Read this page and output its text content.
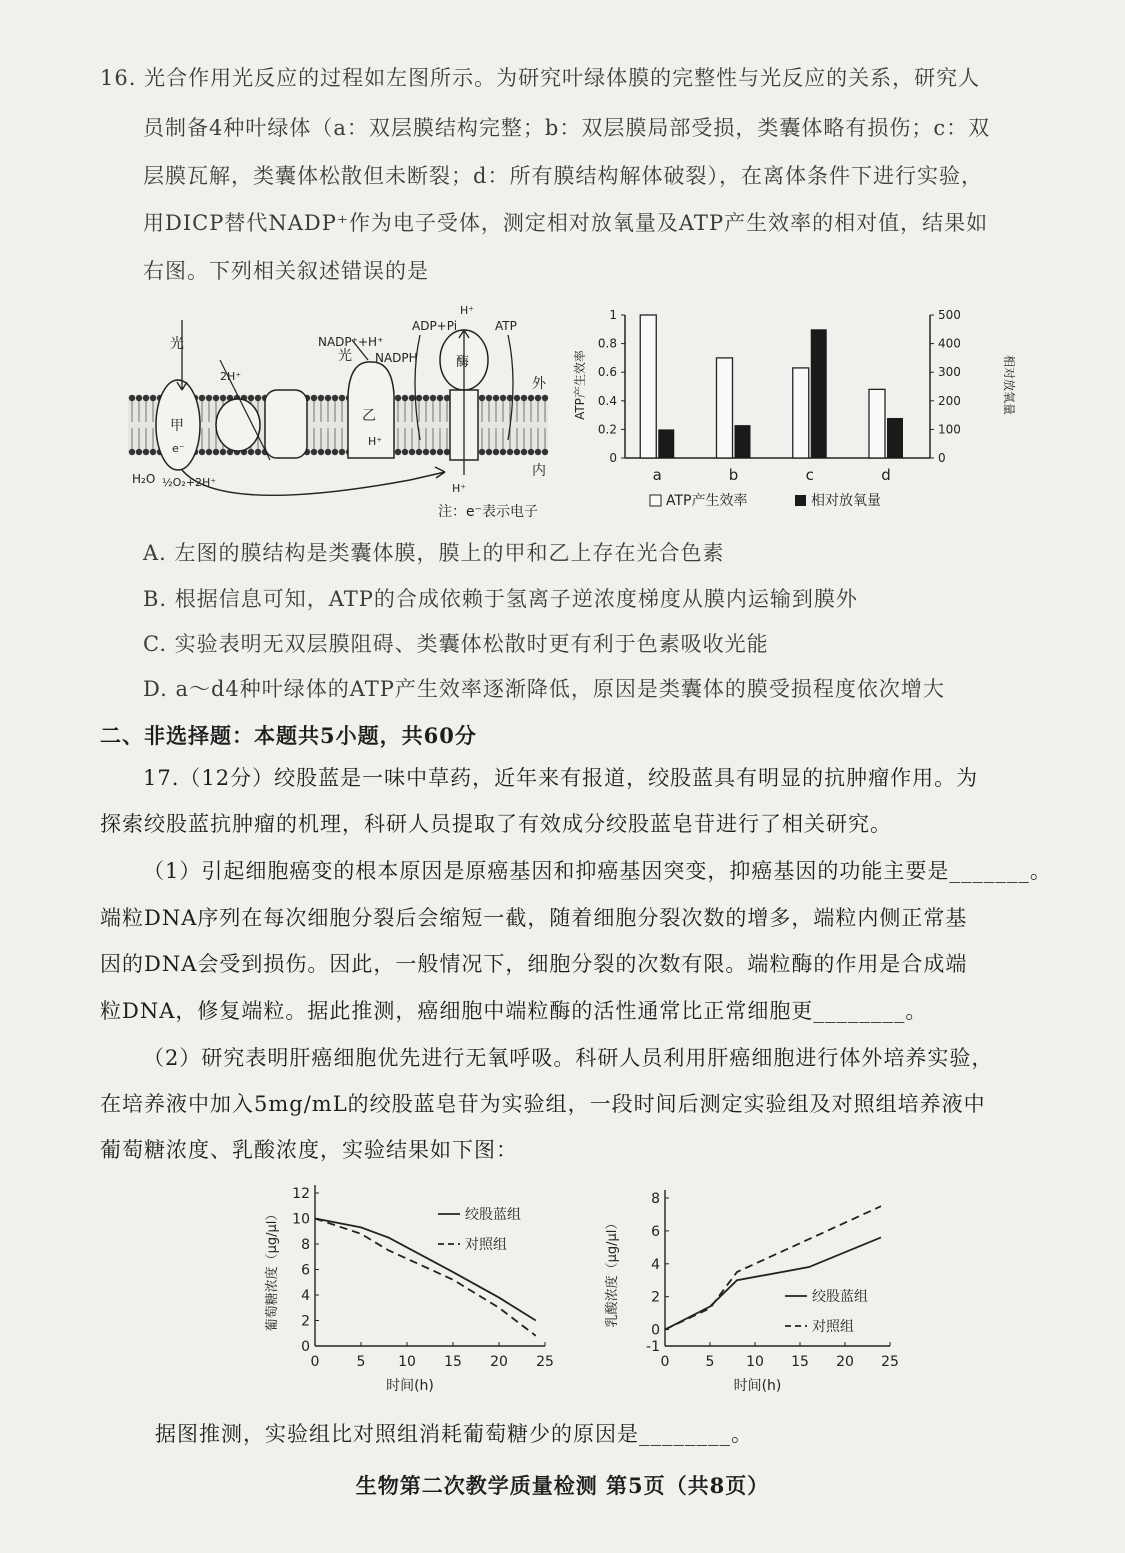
16. 光合作用光反应的过程如左图所示。为研究叶绿体膜的完整性与光反应的关系，研究人
员制备4种叶绿体（a：双层膜结构完整；b：双层膜局部受损，类囊体略有损伤；c：双
层膜瓦解，类囊体松散但未断裂；d：所有膜结构解体破裂），在离体条件下进行实验，
用DICP替代NADP⁺作为电子受体，测定相对放氧量及ATP产生效率的相对值，结果如
右图。下列相关叙述错误的是
光
光
甲
乙
e⁻
H₂O ½O₂+2H⁺
2H⁺
NADP⁺+H⁺
NADPH
ADP+Pi	ATP
H⁺
H⁺
H⁺
酶
外
内
注：e⁻表示电子
0
0.2
0.4
0.6
0.8
1
0
100
200
300
400
500
ATP产生效率	相对放氧量
a	b	c	d
ATP产生效率	相对放氧量
A. 左图的膜结构是类囊体膜，膜上的甲和乙上存在光合色素
B. 根据信息可知，ATP的合成依赖于氢离子逆浓度梯度从膜内运输到膜外
C. 实验表明无双层膜阻碍、类囊体松散时更有利于色素吸收光能
D. a～d4种叶绿体的ATP产生效率逐渐降低，原因是类囊体的膜受损程度依次增大
二、非选择题：本题共5小题，共60分
17.（12分）绞股蓝是一味中草药，近年来有报道，绞股蓝具有明显的抗肿瘤作用。为
探索绞股蓝抗肿瘤的机理，科研人员提取了有效成分绞股蓝皂苷进行了相关研究。
（1）引起细胞癌变的根本原因是原癌基因和抑癌基因突变，抑癌基因的功能主要是_______。
端粒DNA序列在每次细胞分裂后会缩短一截，随着细胞分裂次数的增多，端粒内侧正常基
因的DNA会受到损伤。因此，一般情况下，细胞分裂的次数有限。端粒酶的作用是合成端
粒DNA，修复端粒。据此推测，癌细胞中端粒酶的活性通常比正常细胞更________。
（2）研究表明肝癌细胞优先进行无氧呼吸。科研人员利用肝癌细胞进行体外培养实验，
在培养液中加入5mg/mL的绞股蓝皂苷为实验组，一段时间后测定实验组及对照组培养液中
葡萄糖浓度、乳酸浓度，实验结果如下图：
0	5 10 15 20 25
0
2
4
6
8
10
12
时间(h)
葡萄糖浓度（μg/μl）	绞股蓝组
对照组
0	5 10 15 20 25
-1
0
2
4
6
8
时间(h)
乳酸浓度（μg/μl）	绞股蓝组
对照组
据图推测，实验组比对照组消耗葡萄糖少的原因是________。
生物第二次教学质量检测 第5页（共8页）
